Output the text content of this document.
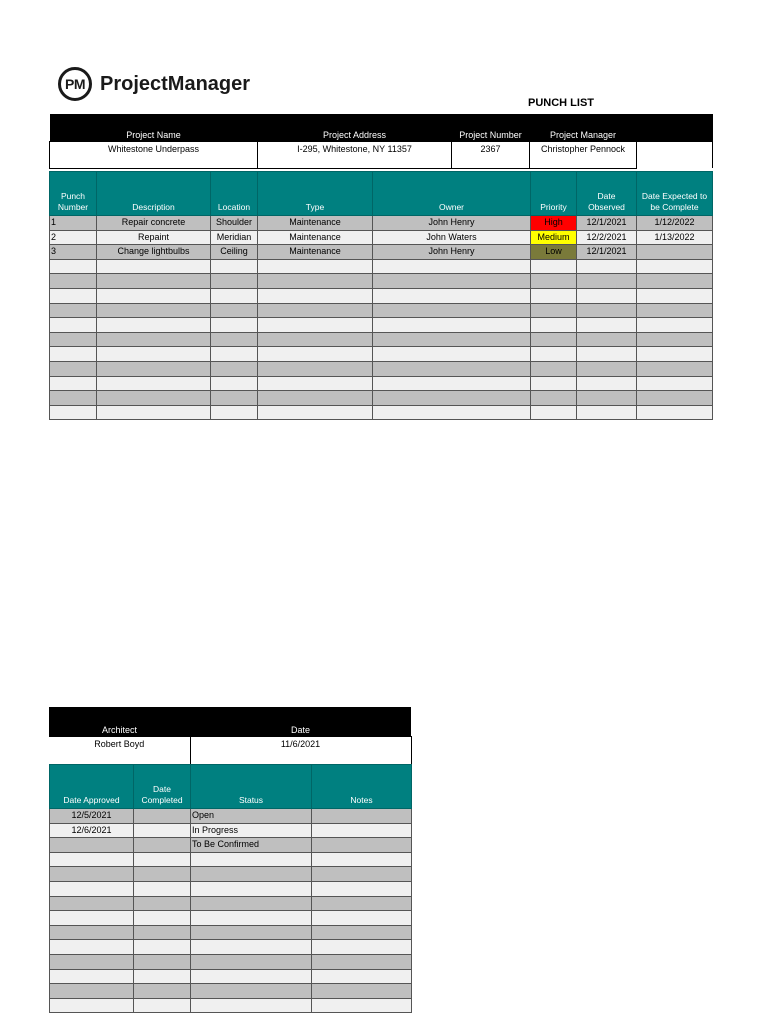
PM ProjectManager
PUNCH LIST
Project Name	Project Address	Project Number	Project Manager	
Whitestone Underpass	I-295, Whitestone, NY 11357	2367	Christopher Pennock	
Punch Number	Description	Location	Type	Owner	Priority	Date Observed	Date Expected to be Complete
1	Repair concrete	Shoulder	Maintenance	John Henry	High	12/1/2021	1/12/2022
2	Repaint	Meridian	Maintenance	John Waters	Medium	12/2/2021	1/13/2022
3	Change lightbulbs	Ceiling	Maintenance	John Henry	Low	12/1/2021	

Architect	Date
Robert Boyd	11/6/2021
Date Approved	Date Completed	Status	Notes
12/5/2021		Open	
12/6/2021		In Progress	
		To Be Confirmed	
